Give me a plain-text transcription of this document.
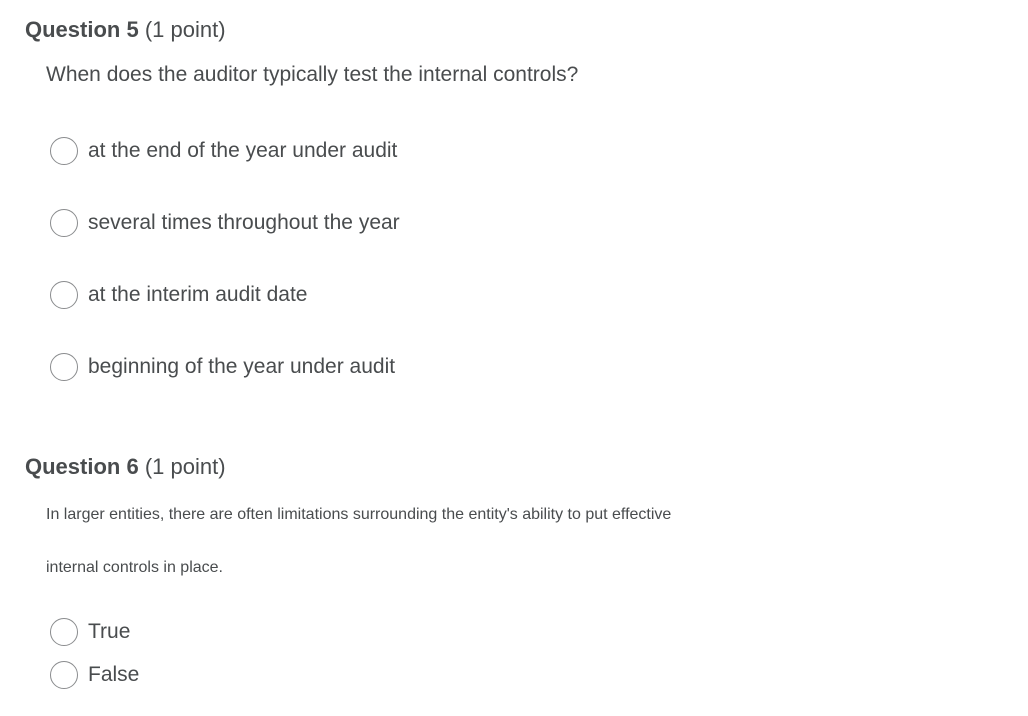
Question 5 (1 point)

When does the auditor typically test the internal controls?

at the end of the year under audit
several times throughout the year
at the interim audit date
beginning of the year under audit
Question 6 (1 point)

In larger entities, there are often limitations surrounding the entity's ability to put effective

internal controls in place.

True
False
